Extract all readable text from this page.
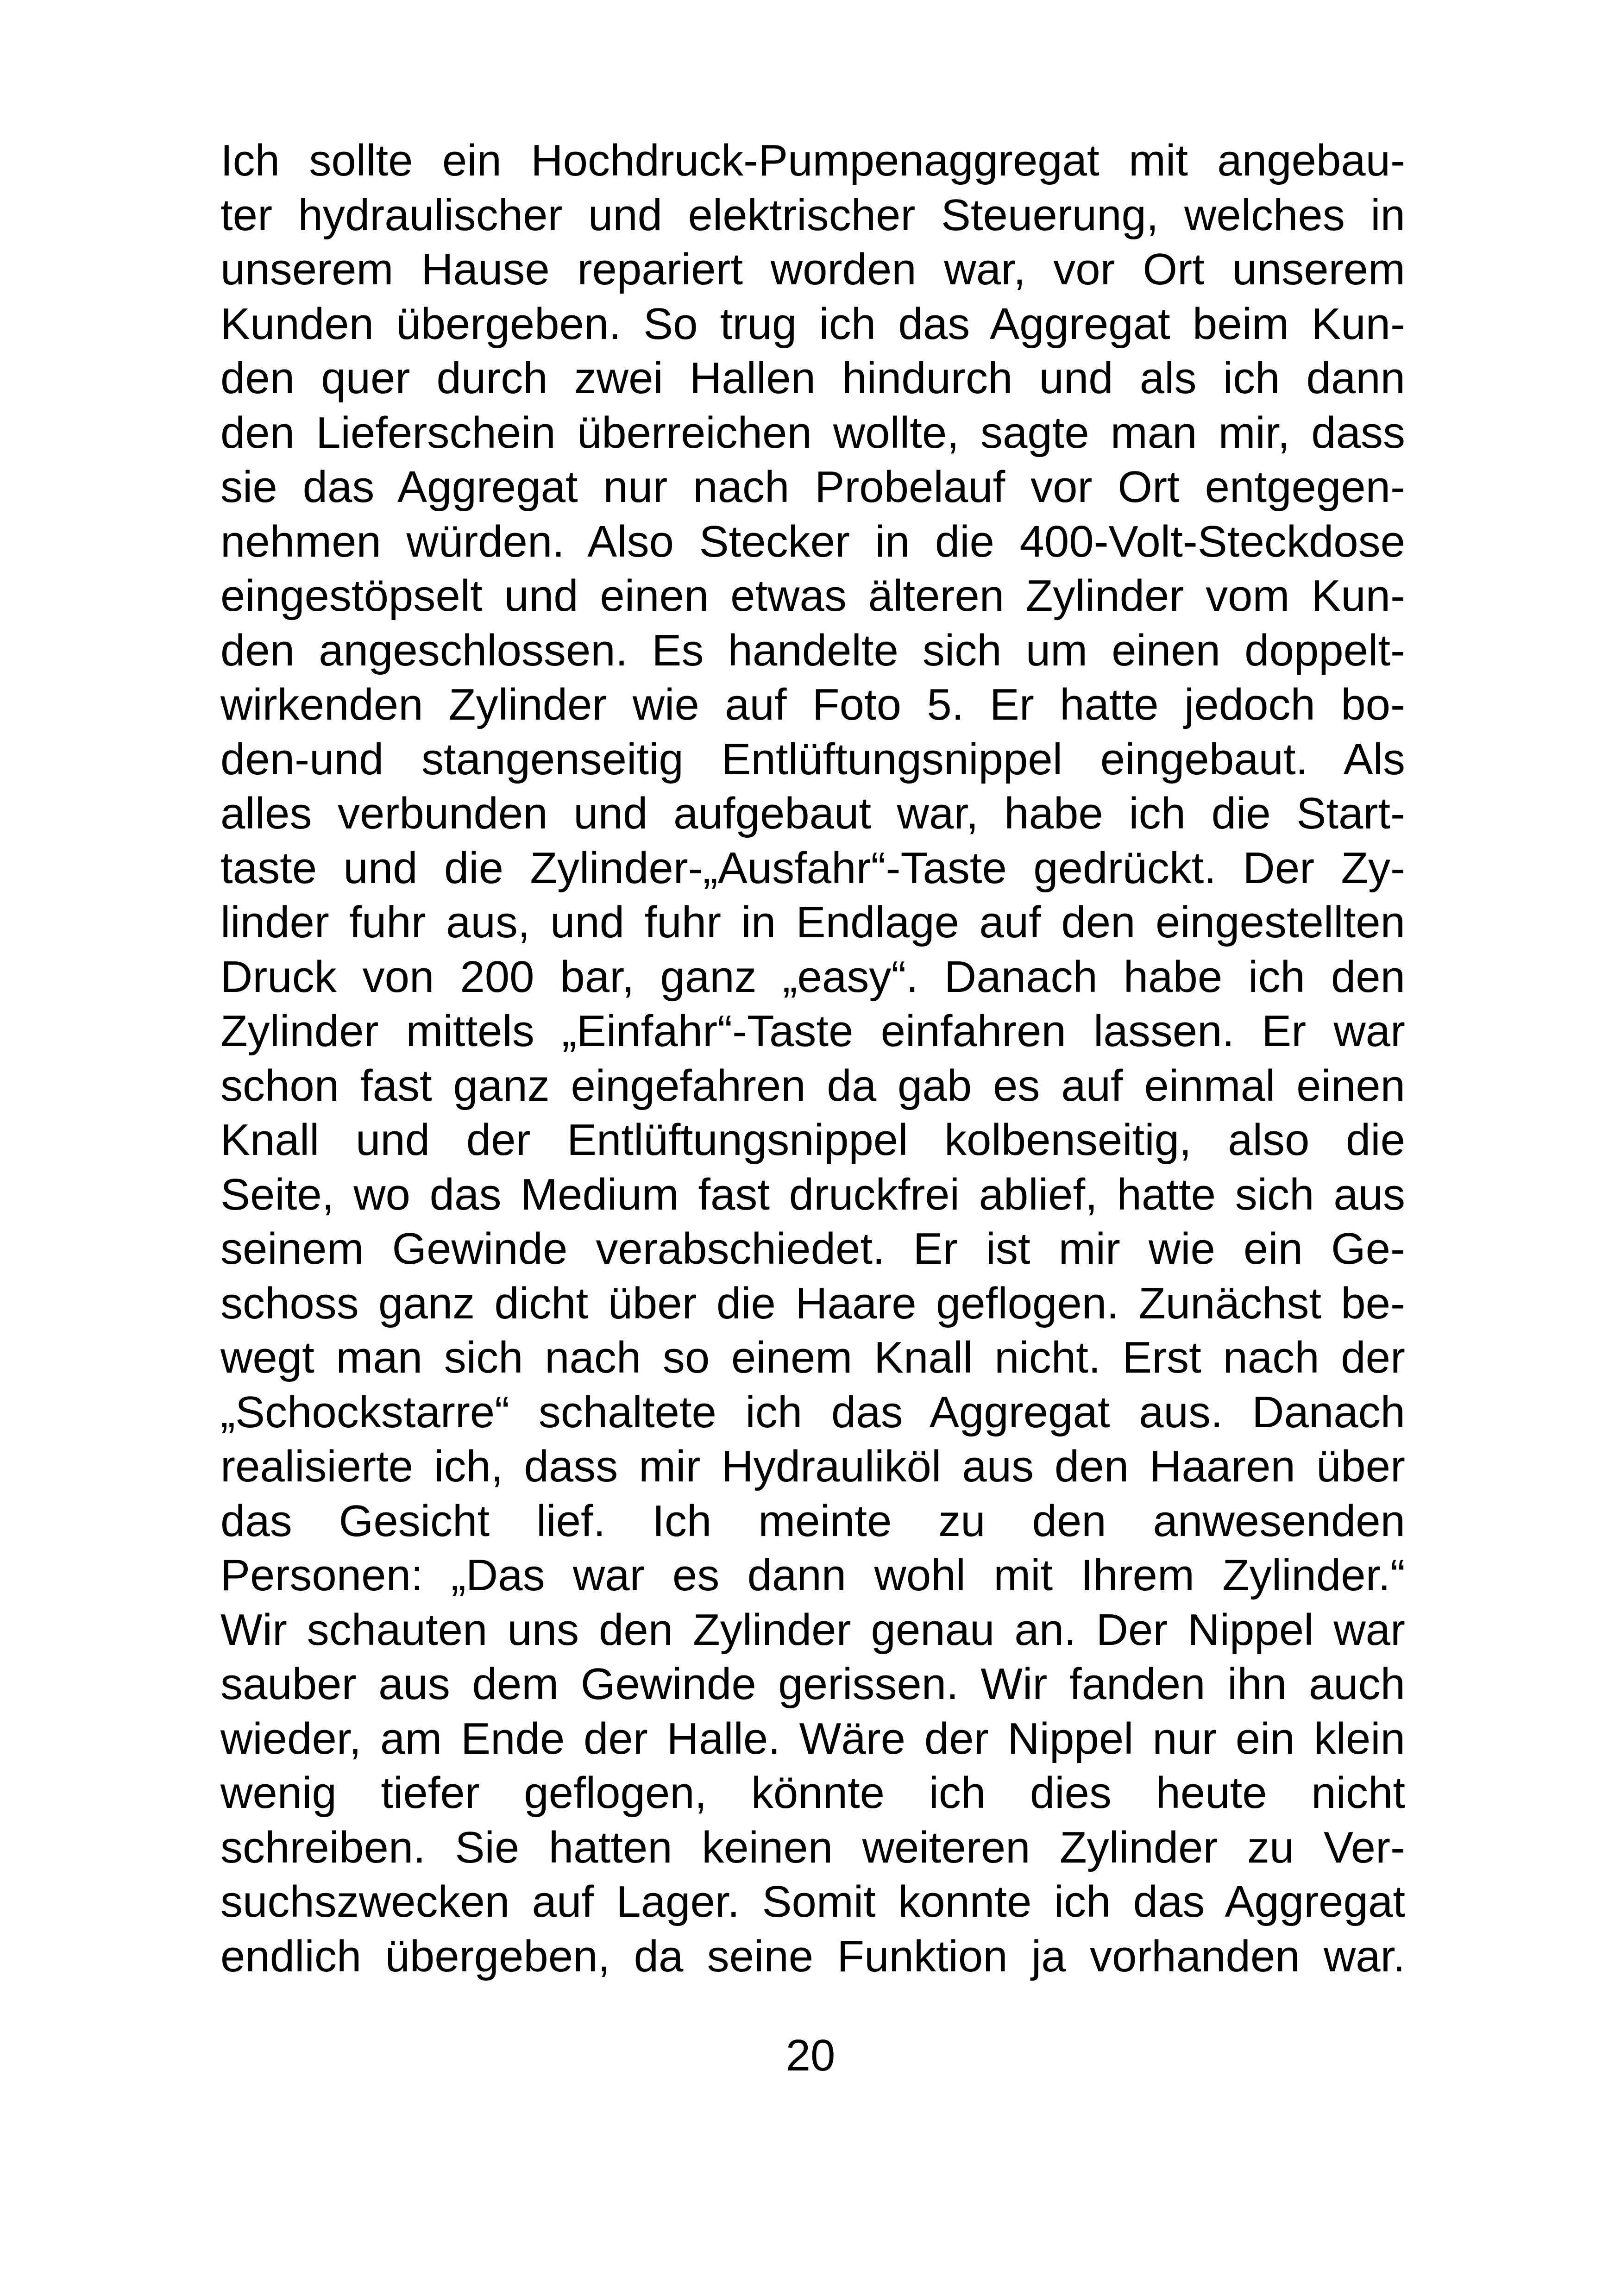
Ich sollte ein Hochdruck-Pumpenaggregat mit angebau-
ter hydraulischer und elektrischer Steuerung, welches in
unserem Hause repariert worden war, vor Ort unserem
Kunden übergeben. So trug ich das Aggregat beim Kun-
den quer durch zwei Hallen hindurch und als ich dann
den Lieferschein überreichen wollte, sagte man mir, dass
sie das Aggregat nur nach Probelauf vor Ort entgegen-
nehmen würden. Also Stecker in die 400-Volt-Steckdose
eingestöpselt und einen etwas älteren Zylinder vom Kun-
den angeschlossen. Es handelte sich um einen doppelt-
wirkenden Zylinder wie auf Foto 5. Er hatte jedoch bo-
den-und stangenseitig Entlüftungsnippel eingebaut. Als
alles verbunden und aufgebaut war, habe ich die Start-
taste und die Zylinder-„Ausfahr“-Taste gedrückt. Der Zy-
linder fuhr aus, und fuhr in Endlage auf den eingestellten
Druck von 200 bar, ganz „easy“. Danach habe ich den
Zylinder mittels „Einfahr“-Taste einfahren lassen. Er war
schon fast ganz eingefahren da gab es auf einmal einen
Knall und der Entlüftungsnippel kolbenseitig, also die
Seite, wo das Medium fast druckfrei ablief, hatte sich aus
seinem Gewinde verabschiedet. Er ist mir wie ein Ge-
schoss ganz dicht über die Haare geflogen. Zunächst be-
wegt man sich nach so einem Knall nicht. Erst nach der
„Schockstarre“ schaltete ich das Aggregat aus. Danach
realisierte ich, dass mir Hydrauliköl aus den Haaren über
das Gesicht lief. Ich meinte zu den anwesenden
Personen: „Das war es dann wohl mit Ihrem Zylinder.“
Wir schauten uns den Zylinder genau an. Der Nippel war
sauber aus dem Gewinde gerissen. Wir fanden ihn auch
wieder, am Ende der Halle. Wäre der Nippel nur ein klein
wenig tiefer geflogen, könnte ich dies heute nicht
schreiben. Sie hatten keinen weiteren Zylinder zu Ver-
suchszwecken auf Lager. Somit konnte ich das Aggregat
endlich übergeben, da seine Funktion ja vorhanden war.
20
